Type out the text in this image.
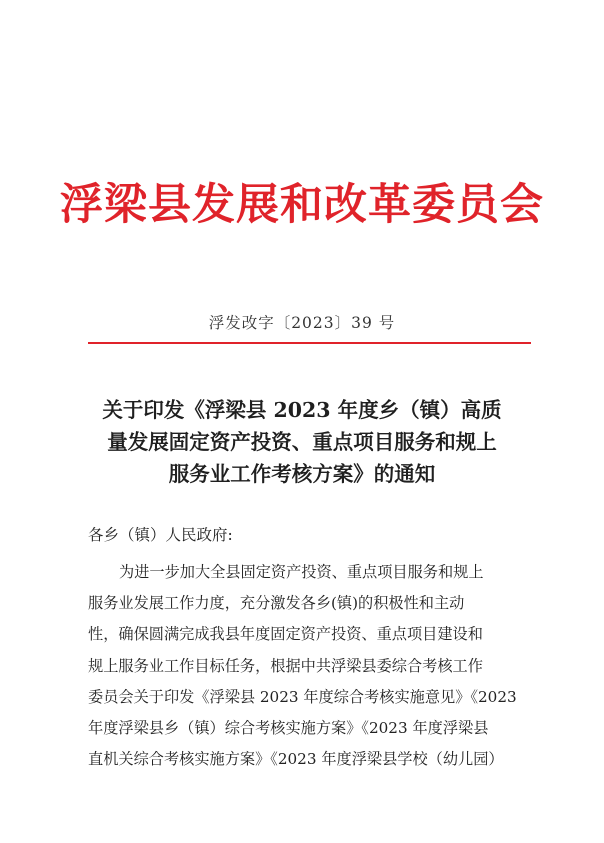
浮梁县发展和改革委员会
浮发改字〔2023〕39 号
关于印发《浮梁县 2023 年度乡（镇）高质
量发展固定资产投资、重点项目服务和规上
服务业工作考核方案》的通知
各乡（镇）人民政府:
为进一步加大全县固定资产投资、重点项目服务和规上
服务业发展工作力度，充分激发各乡(镇)的积极性和主动
性，确保圆满完成我县年度固定资产投资、重点项目建设和
规上服务业工作目标任务，根据中共浮梁县委综合考核工作
委员会关于印发《浮梁县 2023 年度综合考核实施意见》《2023
年度浮梁县乡（镇）综合考核实施方案》《2023 年度浮梁县
直机关综合考核实施方案》《2023 年度浮梁县学校（幼儿园）
